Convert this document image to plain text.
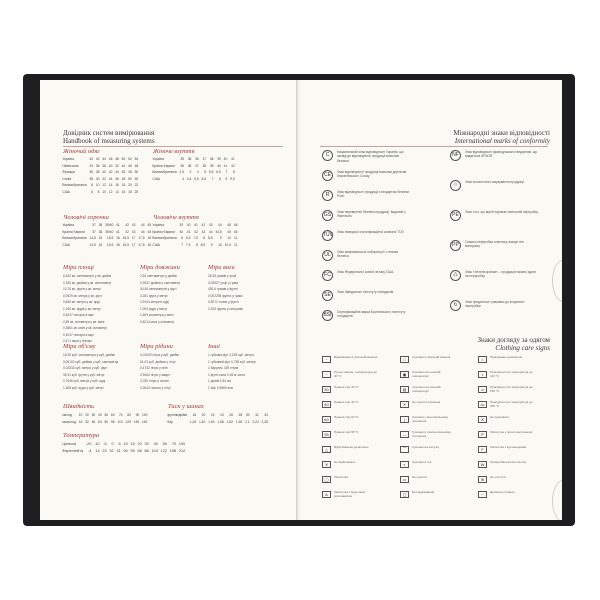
Довідник систем вимірювання
Handbook of measuring systems
Жіночий одяг
Україна	40	42	44	46	48	50	52	54
Німеччина	34	36	38	40	42	44	46	48
Франція	36	38	40	42	44	46	48	50
Італія	38	40	42	44	46	48	50	52
Великобританія	8	10	12	14	16	18	20	22
США	6	8	10	12	14	16	18	20
Жіноче взуття
Україна	35	35	36	37	38	39	40	41
Країни Європи	35	36	37	38	39	40	41	42
Великобританія	2,5	3	4	5	5,5	6,5	7	8
США	4	4,5	5,5	6,5	7	8	9	9,5
Чоловічі сорочки
Україна	37	38	39/40	41	42	43	44	45
Країни Європи	37	38	39/40	41	42	43	44	45
Великобританія	14,5	15	15,5	16	16,5	17	17,5	18
США	14,5	15	15,5	16	16,5	17	17,5	18
Чоловіче взуття
Україна	39	40	41	42	43	44	45	46
Країни Європи	40	41	42	43	44	44,5	45	46
Великобританія	6	6,5	7,5	8	8,5	9	10	11
США	7	7,5	8	8,5	9	10	10,5	11
Міри площі
6,452 кв. сантиметри у кв. дюймі
0,155 кв. дюйма у кв. сантиметрі
10,76 кв. футів у кв. метрі
0,0929 кв. метра у кв. футі
0,836 кв. метра у кв. ярді
1,196 кв. ярдів у кв. метрі
0,4047 гектара в акрі
2,59 кв. кілометра у кв. милі
0,3861 кв. милі у кв. кілометрі
0,4047 гектара в акрі
2,471 акра у гектарі
Міри довжини
2,54 сантиметри у дюймі
0,3937 дюйма у сантиметрі
30,48 сантиметрів у футі
3,281 фута у метрі
0,9144 метра в ярді
1,094 ярда у метрі
1,609 кілометра у милі
0,6214 милі у кілометрі
Міри ваги
28,35 грамів у унції
0,03527 унції у грамі
453,6 грамів у фунті
0,002205 фунта у грамі
0,9072 тонни у фунті
2,205 фунти у кілограмі
Міри об'єму
16,39 куб. сантиметри у куб. дюймі
0,06102 куб. дюйма у куб. сантиметрі
0,02832 куб. метра у куб. футі
35,31 куб. футів у куб. метрі
0,7646 куб. метра у куб. ярді
1,308 куб. ярда у куб. метрі
Міри рідини
0,01639 літра у куб. дюймі
61,03 куб. дюйма у літрі
0,4732 літри у пінті
0,9464 літри у кварті
3,785 літри у галоні
0,2642 галона у літрі
Інші
1 губкова фут 0,028 куб. метра
1 губковий фут 0,765 куб. метра
1 баррель 159 літрів
1 фунт-сила 0,45 кг-сили
1 дюйм 2,54 см
1 бар 0,9869 атм
Швидкість
км/год	10	20	30	40	50	60	70	80	90	100
миль/год	16	32	48	64	80	96	113	129	145	161
Тиск у шинах
фунтів/дюйм	18	20	22	24	26	28	30	32	34
бар	1,26	1,40	1,54	1,68	1,82	1,96	2,1	2,24	2,38
Температура
Цельсія	-20	-10	-5	0	5	10	15	20	30	40	50	70	100
Фаренгейта	-4	14	23	32	41	50	59	68	86	104	122	158	212
Міжнародні знаки відповідності
International marks of conformity
C	Національний знак відповідності України, що засвідчує відповідність продукції вимогам безпеки.
CE	Знак відповідності продукції вимогам директив Європейського Союзу.
R	Знак відповідності продукції стандартам безпеки Росії.
GS	Знак перевіреної безпеки продукції, виданий у Німеччині.
TÜV Знак німецької сертифікаційної компанії TÜV.
UL	Знак американської лабораторії з техніки безпеки.
FC	Знак Федеральної комісії зв'язку США.
SE	Знак Шведського інституту стандартів.
BSI	Сертифікаційна марка Британського інституту стандартів.
NF	Знак відповідності французьким стандартам, що видається AFNOR.
♲	Знак екологічного маркування продукції.
PE	Знак того, що виріб підлягає повторній переробці.
PP	Символ переробки пластику, вказує тип матеріалу.
♺	Знак «Зелена крапка» – продукцію можна здати на переробку.
↻	Знак придатності упаковки до вторинної переробки.
Знаки догляду за одягом
Clothing care signs
~	Віджимання в пральній машині
~	Ручне прання, температура до 40 °С
30	Прання при 30 °С
40	Прання при 40 °С
60	Прання при 60 °С
95	Прання при 95 °С
△	Відбілювання дозволено
✕	Не відбілювати
◯	Хімчистка
A	Хімчистка з будь-яким розчинником
□	Сушіння в пральній машині
▣	Сушіння при низькій температурі
▤	Сушіння при високій температурі
✕	Не сушити в машині
|	Сушіння у вертикальному положенні
—	Сушіння в горизонтальному положенні
⌒	Сушіння на мотузці
◐	Сушіння в тіні
▭	Не сушити
▢	Без віджимання
⌂	Прасування дозволено
•	Прасувати при температурі до 110 °С
••	Прасувати при температурі до 150 °С
•••	Прасувати при температурі до 200 °С
✕	Не прасувати
P	Хімчистка з перхлоретиленом
F	Хімчистка з вуглеводнями
W	Професійна вологочистка
⊗	Не чистити
~	Делікатне прання
